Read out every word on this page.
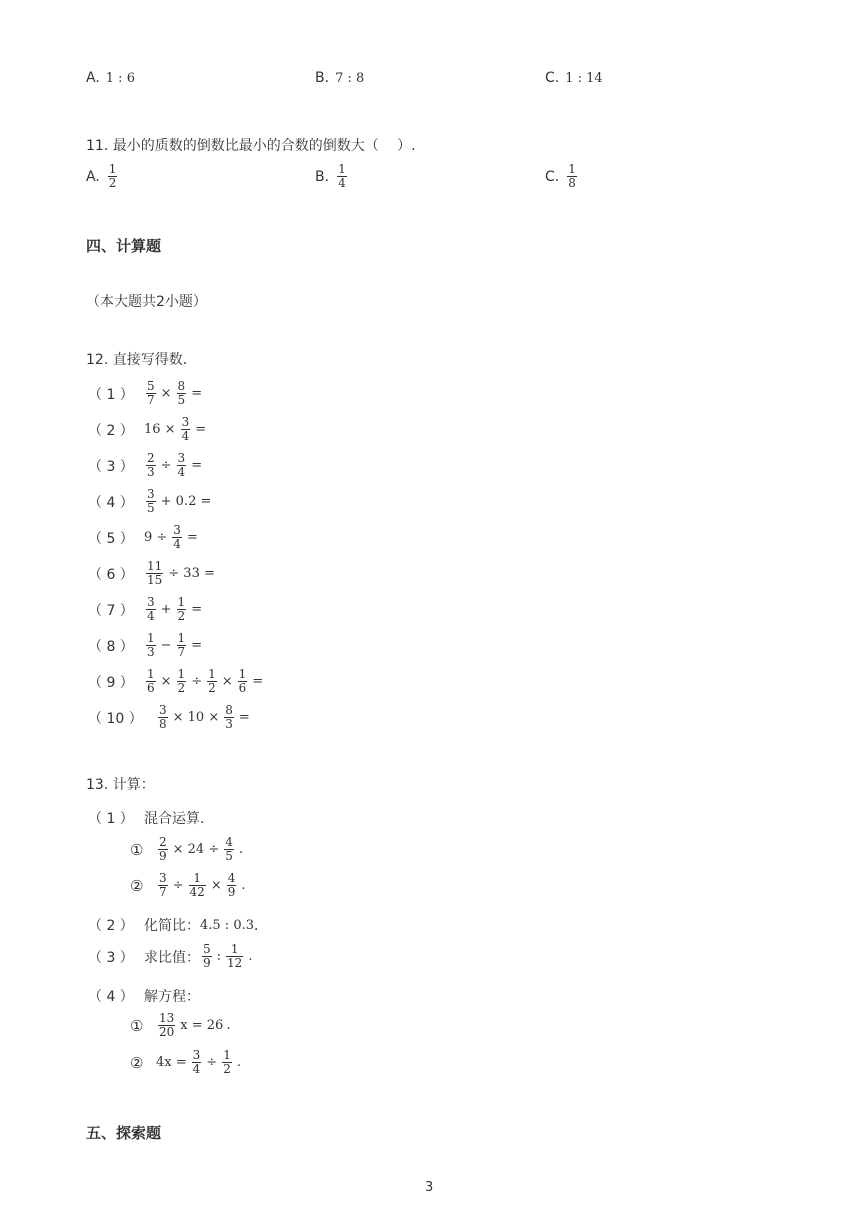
A. 1 : 6	B. 7 : 8	C. 1 : 14
11. 最小的质数的倒数比最小的合数的倒数大（　 ）.
A. $\frac{1}{2}$	B. $\frac{1}{4}$	C. $\frac{1}{8}$
四、计算题
（本大题共2小题）
12. 直接写得数．
（ 1 ）	$\frac{5}{7} \times \frac{8}{5}$ =
（ 2 ） $16 \times \frac{3}{4}$ =
（ 3 ）	$\frac{2}{3} \div \frac{3}{4}$ =
（ 4 ）	$\frac{3}{5} + 0.2$ =
（ 5 ） $9 \div \frac{3}{4}$ =
（ 6 ）	$\frac{11}{15} \div 33$ =
（ 7 ）	$\frac{3}{4} + \frac{1}{2}$ =
（ 8 ）	$\frac{1}{3} - \frac{1}{7}$ =
（ 9 ）	$\frac{1}{6} \times \frac{1}{2} \div \frac{1}{2} \times \frac{1}{6}$ =
（ 10 ）	$\frac{3}{8} \times 10 \times \frac{8}{3}$ =
13. 计算：
（ 1 ） 混合运算．
①	$\frac{2}{9} \times 24 \div \frac{4}{5}$ .
②	$\frac{3}{7} \div \frac{1}{42} \times \frac{4}{9}$ .
（ 2 ） 化简比： 4.5 : 0.3 ．
（ 3 ） 求比值： $\frac{5}{9}$ : $\frac{1}{12}$ .
（ 4 ） 解方程：
①	$\frac{13}{20}$ x = 26 .
② $4x = \frac{3}{4} \div \frac{1}{2}$ .
五、探索题
3
